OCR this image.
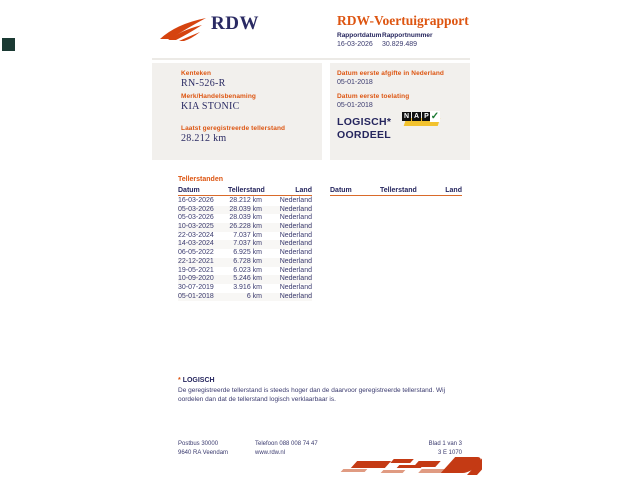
RDW	RDW-Voertuigrapport
Rapportdatum Rapportnummer
16-03-2026 30.829.489
Kenteken
RN-526-R
Merk/Handelsbenaming
KIA STONIC
Laatst geregistreerde tellerstand
28.212 km
Datum eerste afgifte in Nederland
05-01-2018
Datum eerste toelating
05-01-2018
LOGISCH*
OORDEEL
N A P ✓
Tellerstanden
Datum	Tellerstand	Land
16-03-2026	28.212 km	Nederland
05-03-2026	28.039 km	Nederland
05-03-2026	28.039 km	Nederland
10-03-2025	26.228 km	Nederland
22-03-2024	7.037 km	Nederland
14-03-2024	7.037 km	Nederland
06-05-2022	6.925 km	Nederland
22-12-2021	6.728 km	Nederland
19-05-2021	6.023 km	Nederland
10-09-2020	5.246 km	Nederland
30-07-2019	3.916 km	Nederland
05-01-2018	6 km	Nederland
Datum	Tellerstand	Land
* LOGISCH
De geregistreerde tellerstand is steeds hoger dan de daarvoor geregistreerde tellerstand. Wij oordelen dan dat de tellerstand logisch verklaarbaar is.
Postbus 30000
9640 RA Veendam
Telefoon 088 008 74 47
www.rdw.nl
Blad 1 van 3
3 E 1070
